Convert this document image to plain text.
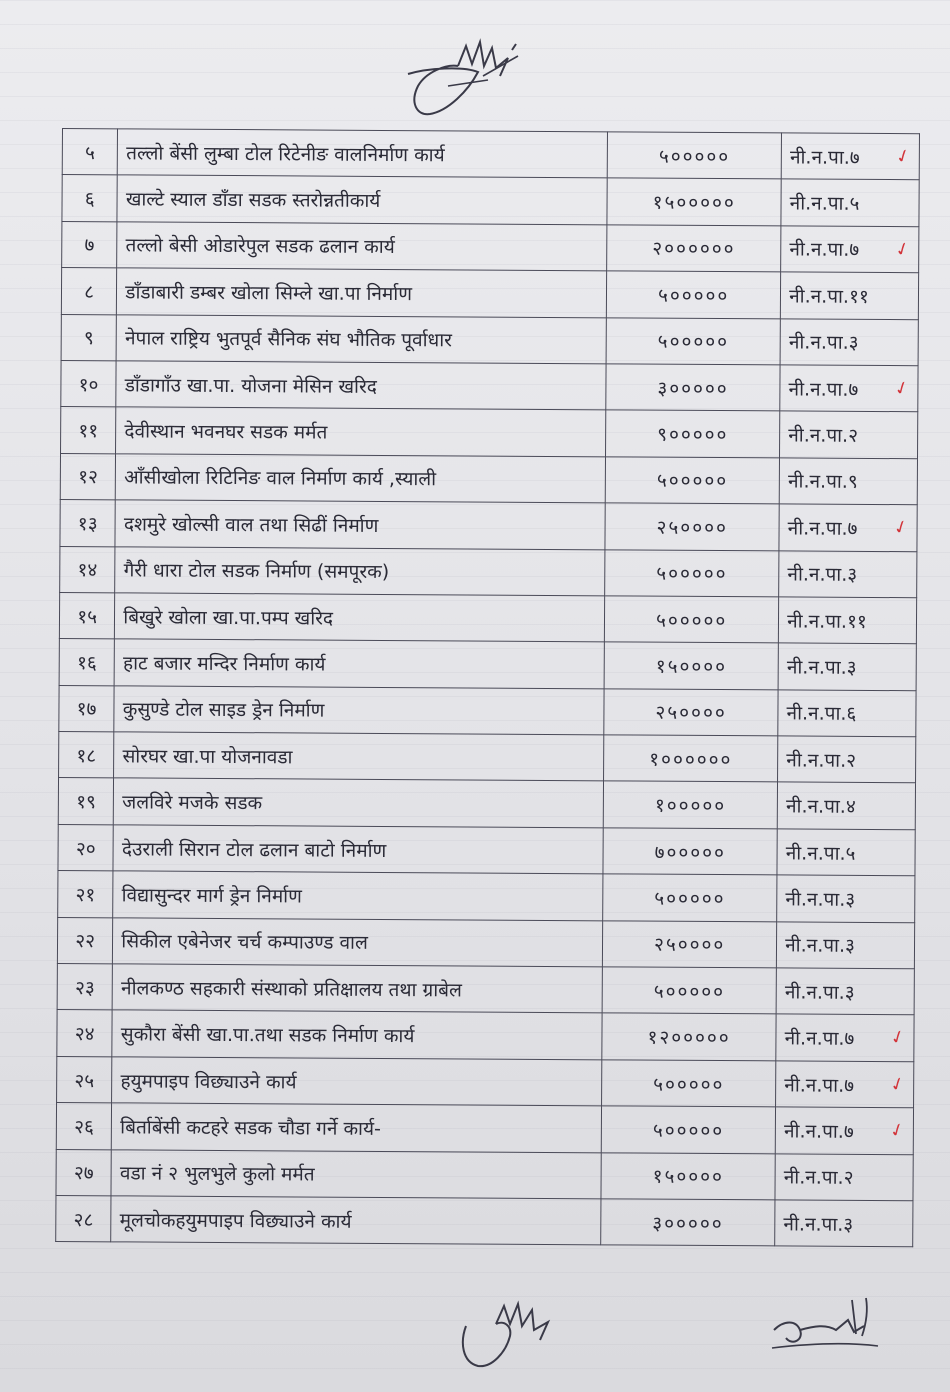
५	तल्लो बेंसी लुम्बा टोल रिटेनीङ वालनिर्माण कार्य	५०००००	नी.न.पा.७ ✓

६	खाल्टे स्याल डाँडा सडक स्तरोन्नतीकार्य	१५०००००	नी.न.पा.५
७	तल्लो बेसी ओडारेपुल सडक ढलान कार्य	२००००००	नी.न.पा.७ ✓

८	डाँडाबारी डम्बर खोला सिम्ले खा.पा निर्माण	५०००००	नी.न.पा.११
९	नेपाल राष्ट्रिय भुतपूर्व सैनिक संघ भौतिक पूर्वाधार	५०००००	नी.न.पा.३
१०	डाँडागाँउ खा.पा. योजना मेसिन खरिद	३०००००	नी.न.पा.७ ✓

११	देवीस्थान भवनघर सडक मर्मत	९०००००	नी.न.पा.२
१२	आँसीखोला रिटिनिङ वाल निर्माण कार्य ,स्याली	५०००००	नी.न.पा.९
१३	दशमुरे खोल्सी वाल तथा सिढीं निर्माण	२५००००	नी.न.पा.७ ✓

१४	गैरी धारा टोल सडक निर्माण (समपूरक)	५०००००	नी.न.पा.३
१५	बिखुरे खोला खा.पा.पम्प खरिद	५०००००	नी.न.पा.११
१६	हाट बजार मन्दिर निर्माण कार्य	१५००००	नी.न.पा.३
१७	कुसुण्डे टोल साइड ड्रेन निर्माण	२५००००	नी.न.पा.६
१८	सोरघर खा.पा योजनावडा	१००००००	नी.न.पा.२
१९	जलविरे मजके सडक	१०००००	नी.न.पा.४
२०	देउराली सिरान टोल ढलान बाटो निर्माण	७०००००	नी.न.पा.५
२१	विद्यासुन्दर मार्ग ड्रेन निर्माण	५०००००	नी.न.पा.३
२२	सिकील एबेनेजर चर्च कम्पाउण्ड वाल	२५००००	नी.न.पा.३
२३	नीलकण्ठ सहकारी संस्थाको प्रतिक्षालय तथा ग्राबेल	५०००००	नी.न.पा.३
२४	सुकौरा बेंसी खा.पा.तथा सडक निर्माण कार्य	१२०००००	नी.न.पा.७ ✓

२५	हयुमपाइप विछ्याउने कार्य	५०००००	नी.न.पा.७ ✓

२६	बिर्ताबेंसी कटहरे सडक चौडा गर्ने कार्य-	५०००००	नी.न.पा.७ ✓

२७	वडा नं २ भुलभुले कुलो मर्मत	१५००००	नी.न.पा.२
२८	मूलचोकहयुमपाइप विछ्याउने कार्य	३०००००	नी.न.पा.३
